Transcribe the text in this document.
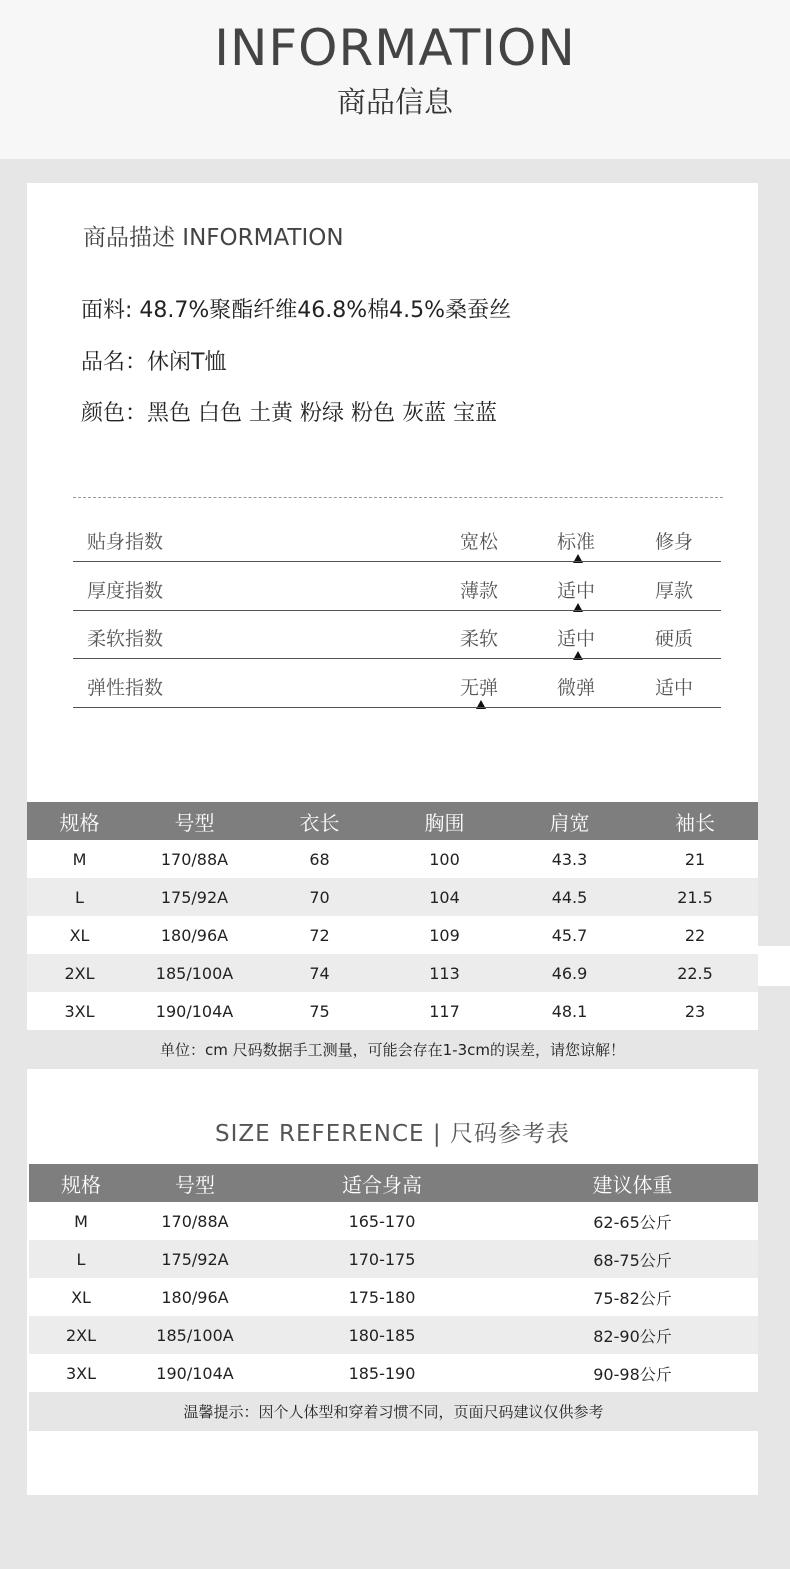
INFORMATION
商品信息
商品描述 INFORMATION
面料: 48.7%聚酯纤维46.8%棉4.5%桑蚕丝
品名：休闲T恤
颜色：黑色 白色 土黄 粉绿 粉色 灰蓝 宝蓝
贴身指数	宽松	标准	修身
厚度指数	薄款	适中	厚款
柔软指数	柔软	适中	硬质
弹性指数	无弹	微弹	适中
规格	号型	衣长	胸围	肩宽	袖长
M	170/88A	68	100	43.3	21
L	175/92A	70	104	44.5	21.5
XL	180/96A	72	109	45.7	22
2XL	185/100A	74	113	46.9	22.5
3XL	190/104A	75	117	48.1	23
单位：cm 尺码数据手工测量，可能会存在1-3cm的误差，请您谅解！					
SIZE REFERENCE | 尺码参考表
规格	号型	适合身高	建议体重
M	170/88A	165-170	62-65公斤
L	175/92A	170-175	68-75公斤
XL	180/96A	175-180	75-82公斤
2XL	185/100A	180-185	82-90公斤
3XL	190/104A	185-190	90-98公斤
温馨提示：因个人体型和穿着习惯不同，页面尺码建议仅供参考			
